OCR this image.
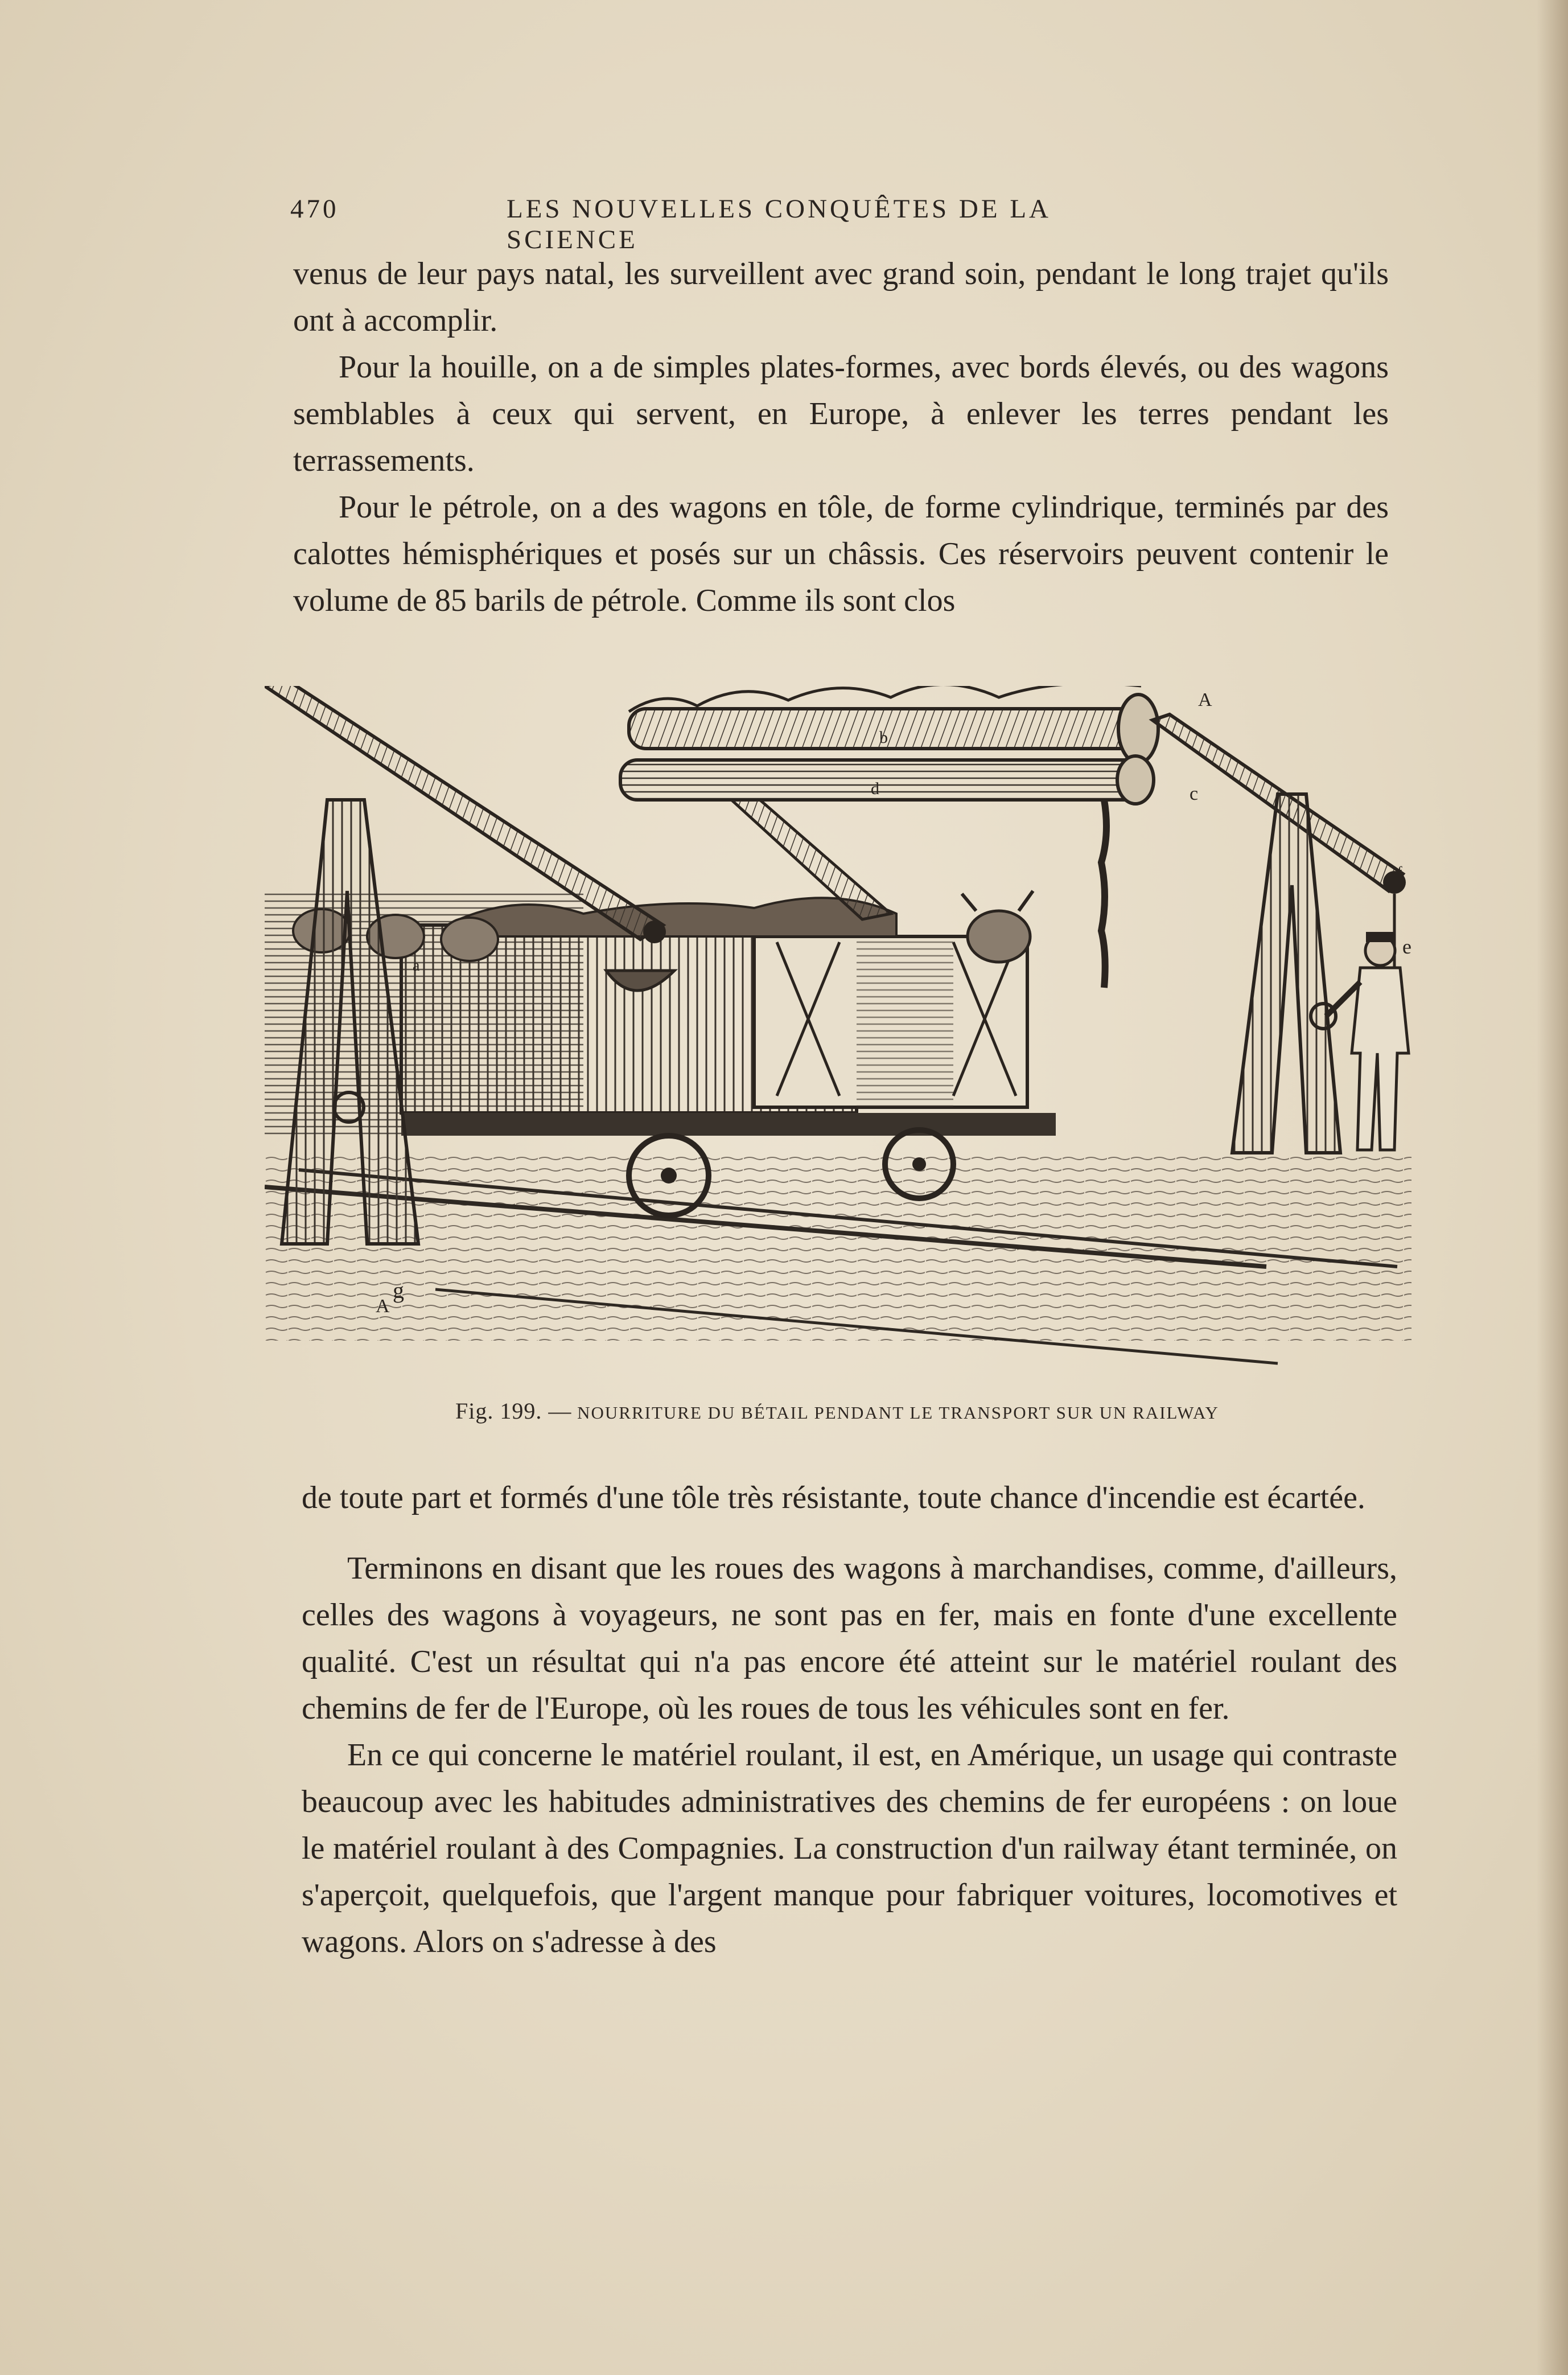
470	LES NOUVELLES CONQUÊTES DE LA SCIENCE

venus de leur pays natal, les surveillent avec grand soin, pendant le long trajet qu'ils ont à accomplir.

Pour la houille, on a de simples plates-formes, avec bords élevés, ou des wagons semblables à ceux qui servent, en Europe, à enlever les terres pendant les terrassements.

Pour le pétrole, on a des wagons en tôle, de forme cylindrique, terminés par des calottes hémisphériques et posés sur un châssis. Ces réservoirs peuvent contenir le volume de 85 barils de pétrole. Comme ils sont clos

A
b
c
d
e
f
a
g
A
Fig. 199. — NOURRITURE DU BÉTAIL PENDANT LE TRANSPORT SUR UN RAILWAY

de toute part et formés d'une tôle très résistante, toute chance d'incendie est écartée.

Terminons en disant que les roues des wagons à marchandises, comme, d'ailleurs, celles des wagons à voyageurs, ne sont pas en fer, mais en fonte d'une excellente qualité. C'est un résultat qui n'a pas encore été atteint sur le matériel roulant des chemins de fer de l'Europe, où les roues de tous les véhicules sont en fer.

En ce qui concerne le matériel roulant, il est, en Amérique, un usage qui contraste beaucoup avec les habitudes administratives des chemins de fer européens : on loue le matériel roulant à des Compagnies. La construction d'un railway étant terminée, on s'aperçoit, quelquefois, que l'argent manque pour fabriquer voitures, locomotives et wagons. Alors on s'adresse à des
